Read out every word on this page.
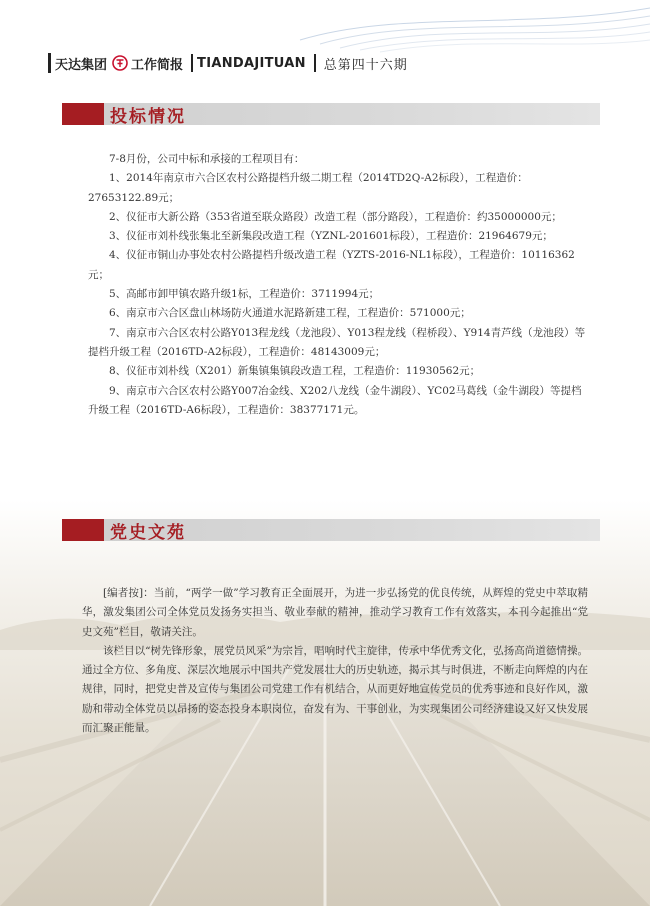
天达集团 工作简报 TIANDAJITUAN 总第四十六期
投标情况

7-8月份，公司中标和承接的工程项目有：

1、2014年南京市六合区农村公路提档升级二期工程（2014TD2Q-A2标段），工程造价：27653122.89元；

2、仪征市大新公路（353省道至联众路段）改造工程（部分路段），工程造价：约35000000元；

3、仪征市刘朴线张集北至新集段改造工程（YZNL-201601标段），工程造价：21964679元；

4、仪征市铜山办事处农村公路提档升级改造工程（YZTS-2016-NL1标段），工程造价：10116362元；

5、高邮市卸甲镇农路升级1标，工程造价：3711994元；

6、南京市六合区盘山林场防火通道水泥路新建工程，工程造价：571000元；

7、南京市六合区农村公路Y013程龙线（龙池段）、Y013程龙线（程桥段）、Y914青芦线（龙池段）等提档升级工程（2016TD-A2标段），工程造价：48143009元；

8、仪征市刘朴线（X201）新集镇集镇段改造工程，工程造价：11930562元；

9、南京市六合区农村公路Y007冶金线、X202八龙线（金牛湖段）、YC02马葛线（金牛湖段）等提档升级工程（2016TD-A6标段），工程造价：38377171元。

党史文苑

[编者按]：当前，“两学一做”学习教育正全面展开，为进一步弘扬党的优良传统，从辉煌的党史中萃取精华，激发集团公司全体党员发扬务实担当、敬业奉献的精神，推动学习教育工作有效落实，本刊今起推出“党史文苑”栏目，敬请关注。

该栏目以“树先锋形象，展党员风采”为宗旨，唱响时代主旋律，传承中华优秀文化，弘扬高尚道德情操。通过全方位、多角度、深层次地展示中国共产党发展壮大的历史轨迹，揭示其与时俱进，不断走向辉煌的内在规律，同时，把党史普及宣传与集团公司党建工作有机结合，从而更好地宣传党员的优秀事迹和良好作风，激励和带动全体党员以昂扬的姿态投身本职岗位，奋发有为、干事创业，为实现集团公司经济建设又好又快发展而汇聚正能量。
